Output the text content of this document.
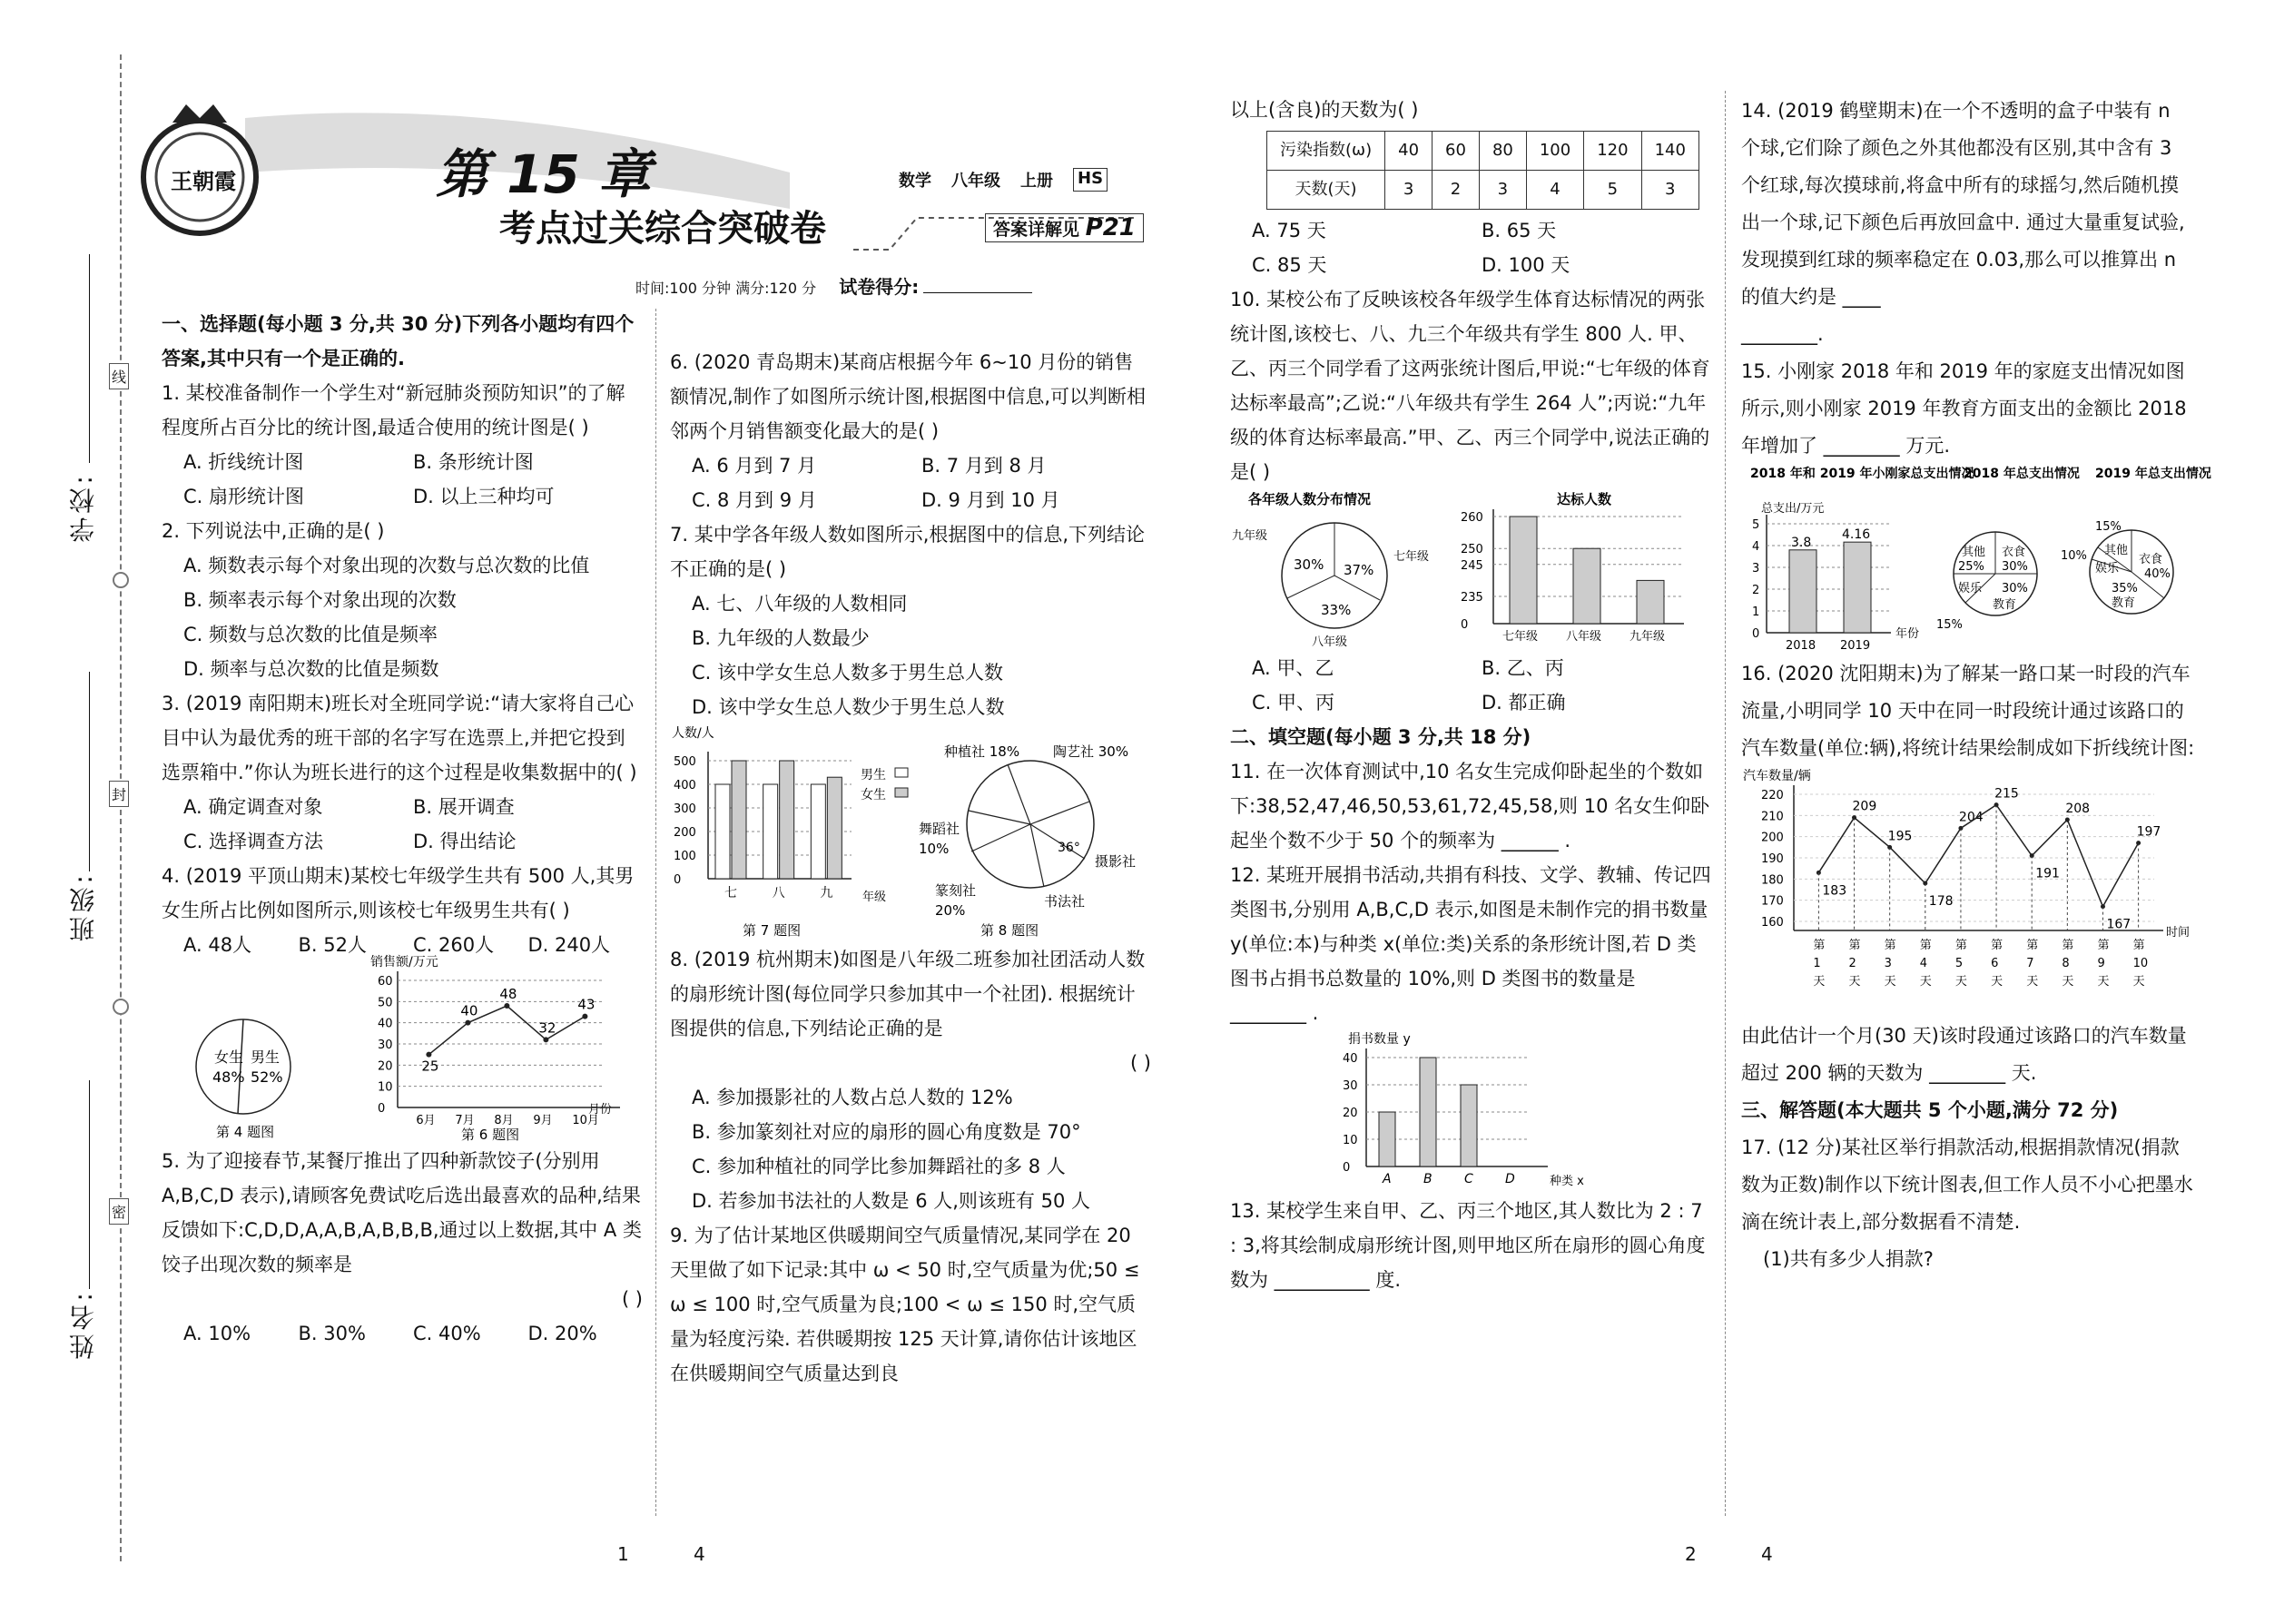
王朝霞	第 15 章
考点过关综合突破卷
数学 八年级 上册 HS
答案详解见 P21
时间:100 分钟 满分:120 分 试卷得分:
学校:
班级:
姓名:
线
封
密

一、选择题(每小题 3 分,共 30 分)下列各小题均有四个答案,其中只有一个是正确的.

1. 某校准备制作一个学生对“新冠肺炎预防知识”的了解程度所占百分比的统计图,最适合使用的统计图是( )

A. 折线统计图	B. 条形统计图
C. 扇形统计图	D. 以上三种均可

2. 下列说法中,正确的是( )

A. 频数表示每个对象出现的次数与总次数的比值

B. 频率表示每个对象出现的次数

C. 频数与总次数的比值是频率

D. 频率与总次数的比值是频数

3. (2019 南阳期末)班长对全班同学说:“请大家将自己心目中认为最优秀的班干部的名字写在选票上,并把它投到选票箱中.”你认为班长进行的这个过程是收集数据中的( )

A. 确定调查对象	B. 展开调查
C. 选择调查方法	D. 得出结论

4. (2019 平顶山期末)某校七年级学生共有 500 人,其男女生所占比例如图所示,则该校七年级男生共有( )

A. 48人	B. 52人	C. 260人	D. 240人
女生
48%
男生
52%
第 4 题图
销售额/万元
月份
第 6 题图
0
10
20
30
40
50
60
25
6月
40
7月
48
8月
32
9月
43
10月

5. 为了迎接春节,某餐厅推出了四种新款饺子(分别用 A,B,C,D 表示),请顾客免费试吃后选出最喜欢的品种,结果反馈如下:C,D,D,A,A,B,A,B,B,B,通过以上数据,其中 A 类饺子出现次数的频率是

( )

A. 10%	B. 30%	C. 40%	D. 20%

6. (2020 青岛期末)某商店根据今年 6~10 月份的销售额情况,制作了如图所示统计图,根据图中信息,可以判断相邻两个月销售额变化最大的是( )

A. 6 月到 7 月	B. 7 月到 8 月
C. 8 月到 9 月	D. 9 月到 10 月

7. 某中学各年级人数如图所示,根据图中的信息,下列结论不正确的是( )

A. 七、八年级的人数相同

B. 九年级的人数最少

C. 该中学女生总人数多于男生总人数

D. 该中学女生总人数少于男生总人数

人数/人
年级
男生
女生
第 7 题图
0
100
200
300
400
500
七	八	九
种植社 18% 陶艺社 30%
舞蹈社
10%	36°
摄影社
篆刻社
20%
书法社
第 8 题图

8. (2019 杭州期末)如图是八年级二班参加社团活动人数的扇形统计图(每位同学只参加其中一个社团). 根据统计图提供的信息,下列结论正确的是

( )

A. 参加摄影社的人数占总人数的 12%

B. 参加篆刻社对应的扇形的圆心角度数是 70°

C. 参加种植社的同学比参加舞蹈社的多 8 人

D. 若参加书法社的人数是 6 人,则该班有 50 人

9. 为了估计某地区供暖期间空气质量情况,某同学在 20 天里做了如下记录:其中 ω < 50 时,空气质量为优;50 ≤ ω ≤ 100 时,空气质量为良;100 < ω ≤ 150 时,空气质量为轻度污染. 若供暖期按 125 天计算,请你估计该地区在供暖期间空气质量达到良

以上(含良)的天数为( )

污染指数(ω)	40	60	80	100	120	140
天数(天)	3	2	3	4	5	3
A. 75 天	B. 65 天
C. 85 天	D. 100 天

10. 某校公布了反映该校各年级学生体育达标情况的两张统计图,该校七、八、九三个年级共有学生 800 人. 甲、乙、丙三个同学看了这两张统计图后,甲说:“七年级的体育达标率最高”;乙说:“八年级共有学生 264 人”;丙说:“九年级的体育达标率最高.”甲、乙、丙三个同学中,说法正确的是( )

各年级人数分布情况
九年级
七年级
八年级
30% 37%
33%
达标人数
0
235
245
250
260
七年级 八年级 九年级
A. 甲、乙	B. 乙、丙
C. 甲、丙	D. 都正确

二、填空题(每小题 3 分,共 18 分)

11. 在一次体育测试中,10 名女生完成仰卧起坐的个数如下:38,52,47,46,50,53,61,72,45,58,则 10 名女生仰卧起坐个数不少于 50 个的频率为 ______ .

12. 某班开展捐书活动,共捐有科技、文学、教辅、传记四类图书,分别用 A,B,C,D 表示,如图是未制作完的捐书数量 y(单位:本)与种类 x(单位:类)关系的条形统计图,若 D 类图书占捐书总数量的 10%,则 D 类图书的数量是 ________ .

捐书数量 y
种类 x
0
10
20
30
40
A	B	C	D

13. 某校学生来自甲、乙、丙三个地区,其人数比为 2 : 7 : 3,将其绘制成扇形统计图,则甲地区所在扇形的圆心角度数为 __________ 度.

14. (2019 鹤壁期末)在一个不透明的盒子中装有 n 个球,它们除了颜色之外其他都没有区别,其中含有 3 个红球,每次摸球前,将盒中所有的球摇匀,然后随机摸出一个球,记下颜色后再放回盒中. 通过大量重复试验,发现摸到红球的频率稳定在 0.03,那么可以推算出 n 的值大约是 ____

________.

15. 小刚家 2018 年和 2019 年的家庭支出情况如图所示,则小刚家 2019 年教育方面支出的金额比 2018 年增加了 ________ 万元.

2018 年和 2019 年小刚家总支出情况
总支出/万元
年份
0
1
2
3
4
5
3.8
2018
4.16
2019
2018 年总支出情况
其他
25%
衣食
30%
娱乐
15%
30%
教育
2019 年总支出情况
15%
其他
衣食
40%
10%
娱乐
35%
教育

16. (2020 沈阳期末)为了解某一路口某一时段的汽车流量,小明同学 10 天中在同一时段统计通过该路口的汽车数量(单位:辆),将统计结果绘制成如下折线统计图:

汽车数量/辆
时间
160
170
180
190
200
210
220
183
第
1
天
209
第
2
天
195
第
3
天
178
第
4
天
204
第
5
天
215
第
6
天
191
第
7
天
208
第
8
天
167
第
9
天
197
第
10
天

由此估计一个月(30 天)该时段通过该路口的汽车数量超过 200 辆的天数为 ________ 天.

三、解答题(本大题共 5 个小题,满分 72 分)

17. (12 分)某社区举行捐款活动,根据捐款情况(捐款数为正数)制作以下统计图表,但工作人员不小心把墨水滴在统计表上,部分数据看不清楚.

(1)共有多少人捐款?

1	4	2	4
